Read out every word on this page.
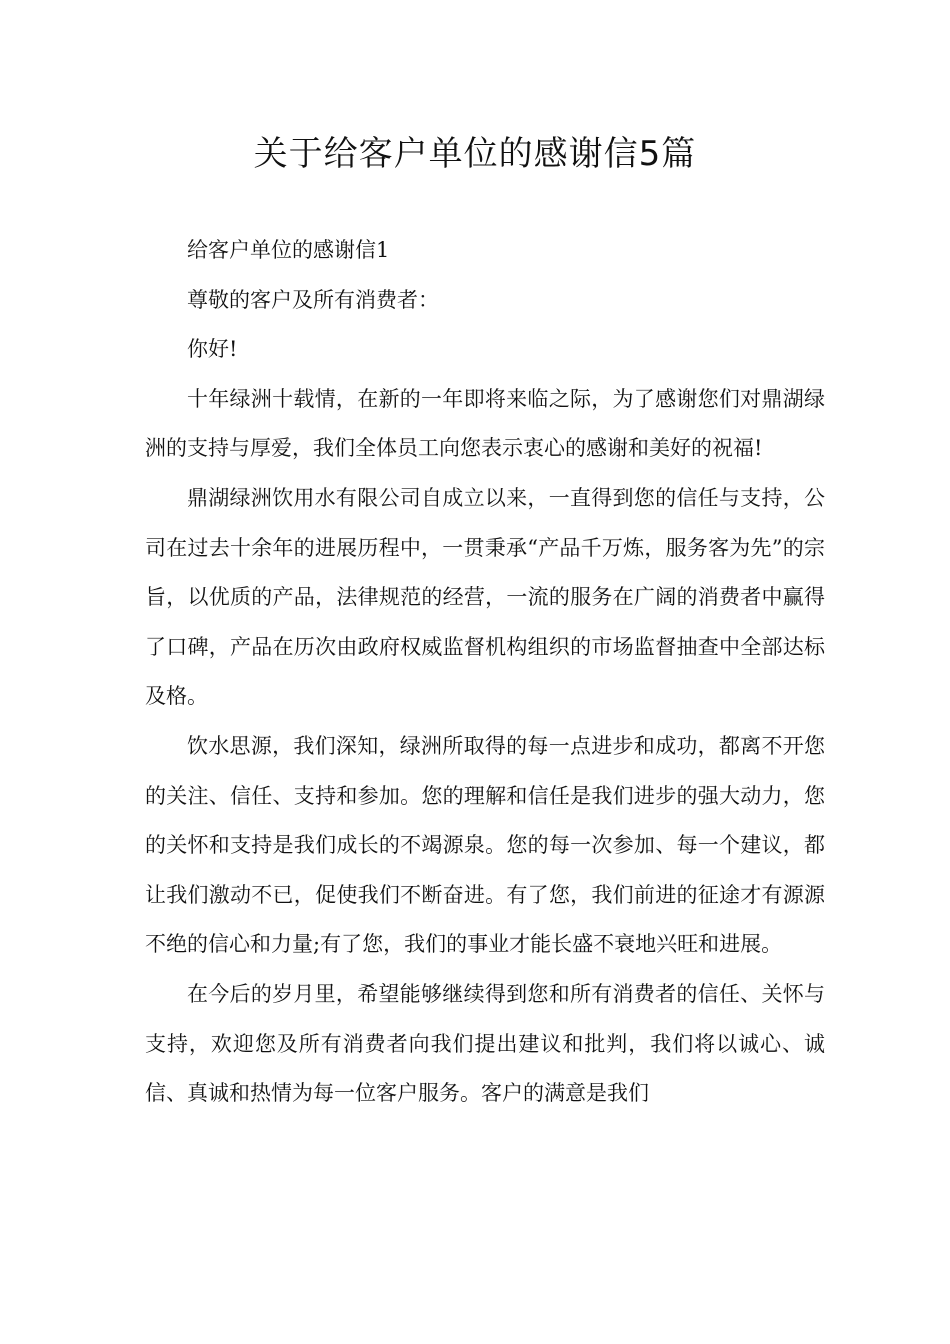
关于给客户单位的感谢信5篇

给客户单位的感谢信1

尊敬的客户及所有消费者：

你好!

十年绿洲十载情，在新的一年即将来临之际，为了感谢您们对鼎湖绿洲的支持与厚爱，我们全体员工向您表示衷心的感谢和美好的祝福!

鼎湖绿洲饮用水有限公司自成立以来，一直得到您的信任与支持，公司在过去十余年的进展历程中，一贯秉承“产品千万炼，服务客为先”的宗旨，以优质的产品，法律规范的经营，一流的服务在广阔的消费者中赢得了口碑，产品在历次由政府权威监督机构组织的市场监督抽查中全部达标及格。

饮水思源，我们深知，绿洲所取得的每一点进步和成功，都离不开您的关注、信任、支持和参加。您的理解和信任是我们进步的强大动力，您的关怀和支持是我们成长的不竭源泉。您的每一次参加、每一个建议，都让我们激动不已，促使我们不断奋进。有了您，我们前进的征途才有源源不绝的信心和力量;有了您，我们的事业才能长盛不衰地兴旺和进展。

在今后的岁月里，希望能够继续得到您和所有消费者的信任、关怀与支持，欢迎您及所有消费者向我们提出建议和批判，我们将以诚心、诚信、真诚和热情为每一位客户服务。客户的满意是我们
